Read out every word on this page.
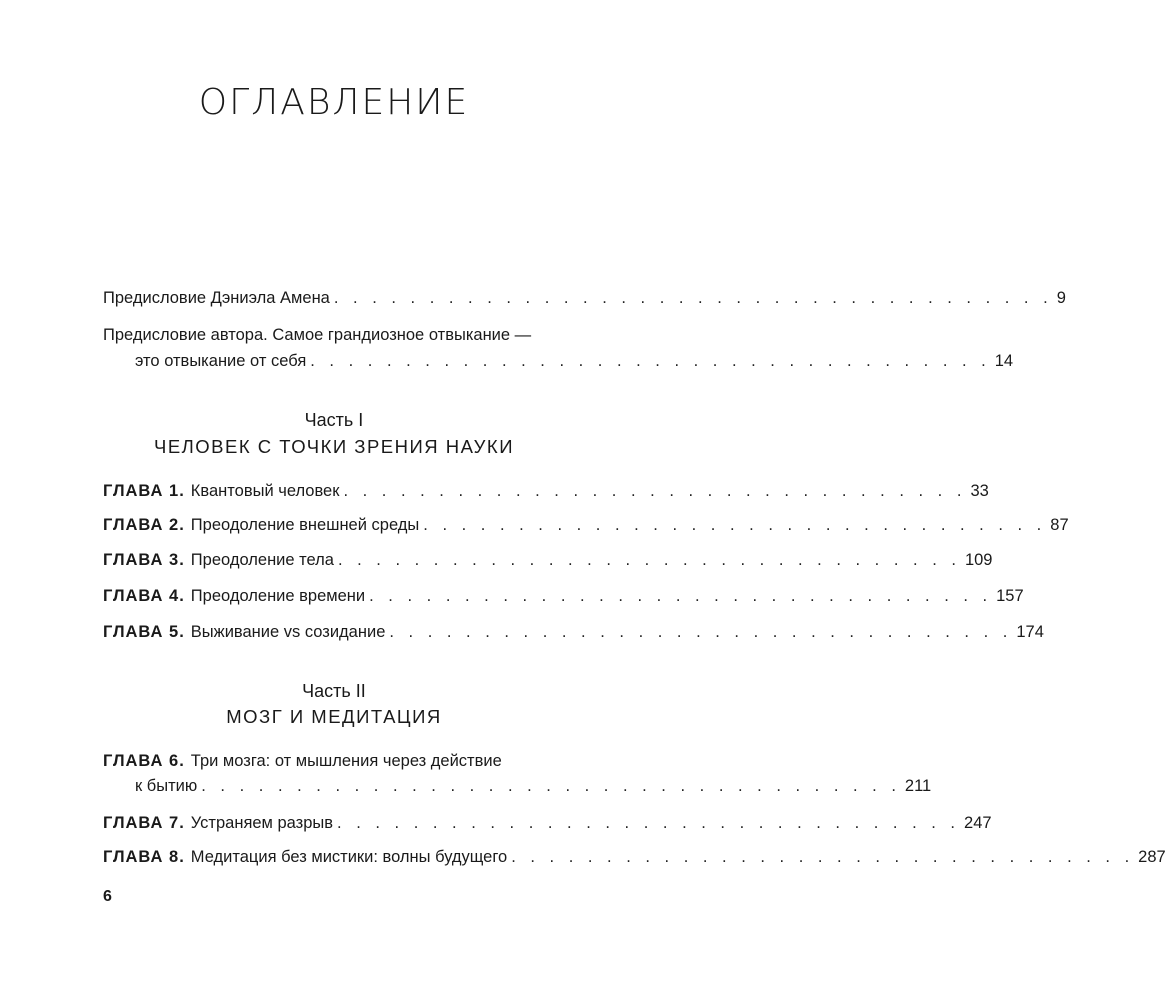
ОГЛАВЛЕНИЕ
Предисловие Дэниэла Амена . . . . . . . . . . . . . . . . . . . . . . . . . . . . . . . . . . . . . . 9
Предисловие автора. Самое грандиозное отвыкание —
это отвыкание от себя . . . . . . . . . . . . . . . . . . . . . . . . . . . . . . . . . . . . 14
Часть I
ЧЕЛОВЕК С ТОЧКИ ЗРЕНИЯ НАУКИ
ГЛАВА 1. Квантовый человек . . . . . . . . . . . . . . . . . . . . . . . . . . . . . . . . . 33
ГЛАВА 2. Преодоление внешней среды . . . . . . . . . . . . . . . . . . . . . . . . . . . . . . . . . 87
ГЛАВА 3. Преодоление тела . . . . . . . . . . . . . . . . . . . . . . . . . . . . . . . . . 109
ГЛАВА 4. Преодоление времени . . . . . . . . . . . . . . . . . . . . . . . . . . . . . . . . . 157
ГЛАВА 5. Выживание vs созидание . . . . . . . . . . . . . . . . . . . . . . . . . . . . . . . . . 174
Часть II
МОЗГ И МЕДИТАЦИЯ
ГЛАВА 6. Три мозга: от мышления через действие
к бытию . . . . . . . . . . . . . . . . . . . . . . . . . . . . . . . . . . . . . 211
ГЛАВА 7. Устраняем разрыв . . . . . . . . . . . . . . . . . . . . . . . . . . . . . . . . . 247
ГЛАВА 8. Медитация без мистики: волны будущего . . . . . . . . . . . . . . . . . . . . . . . . . . . . . . . . . 287
6
